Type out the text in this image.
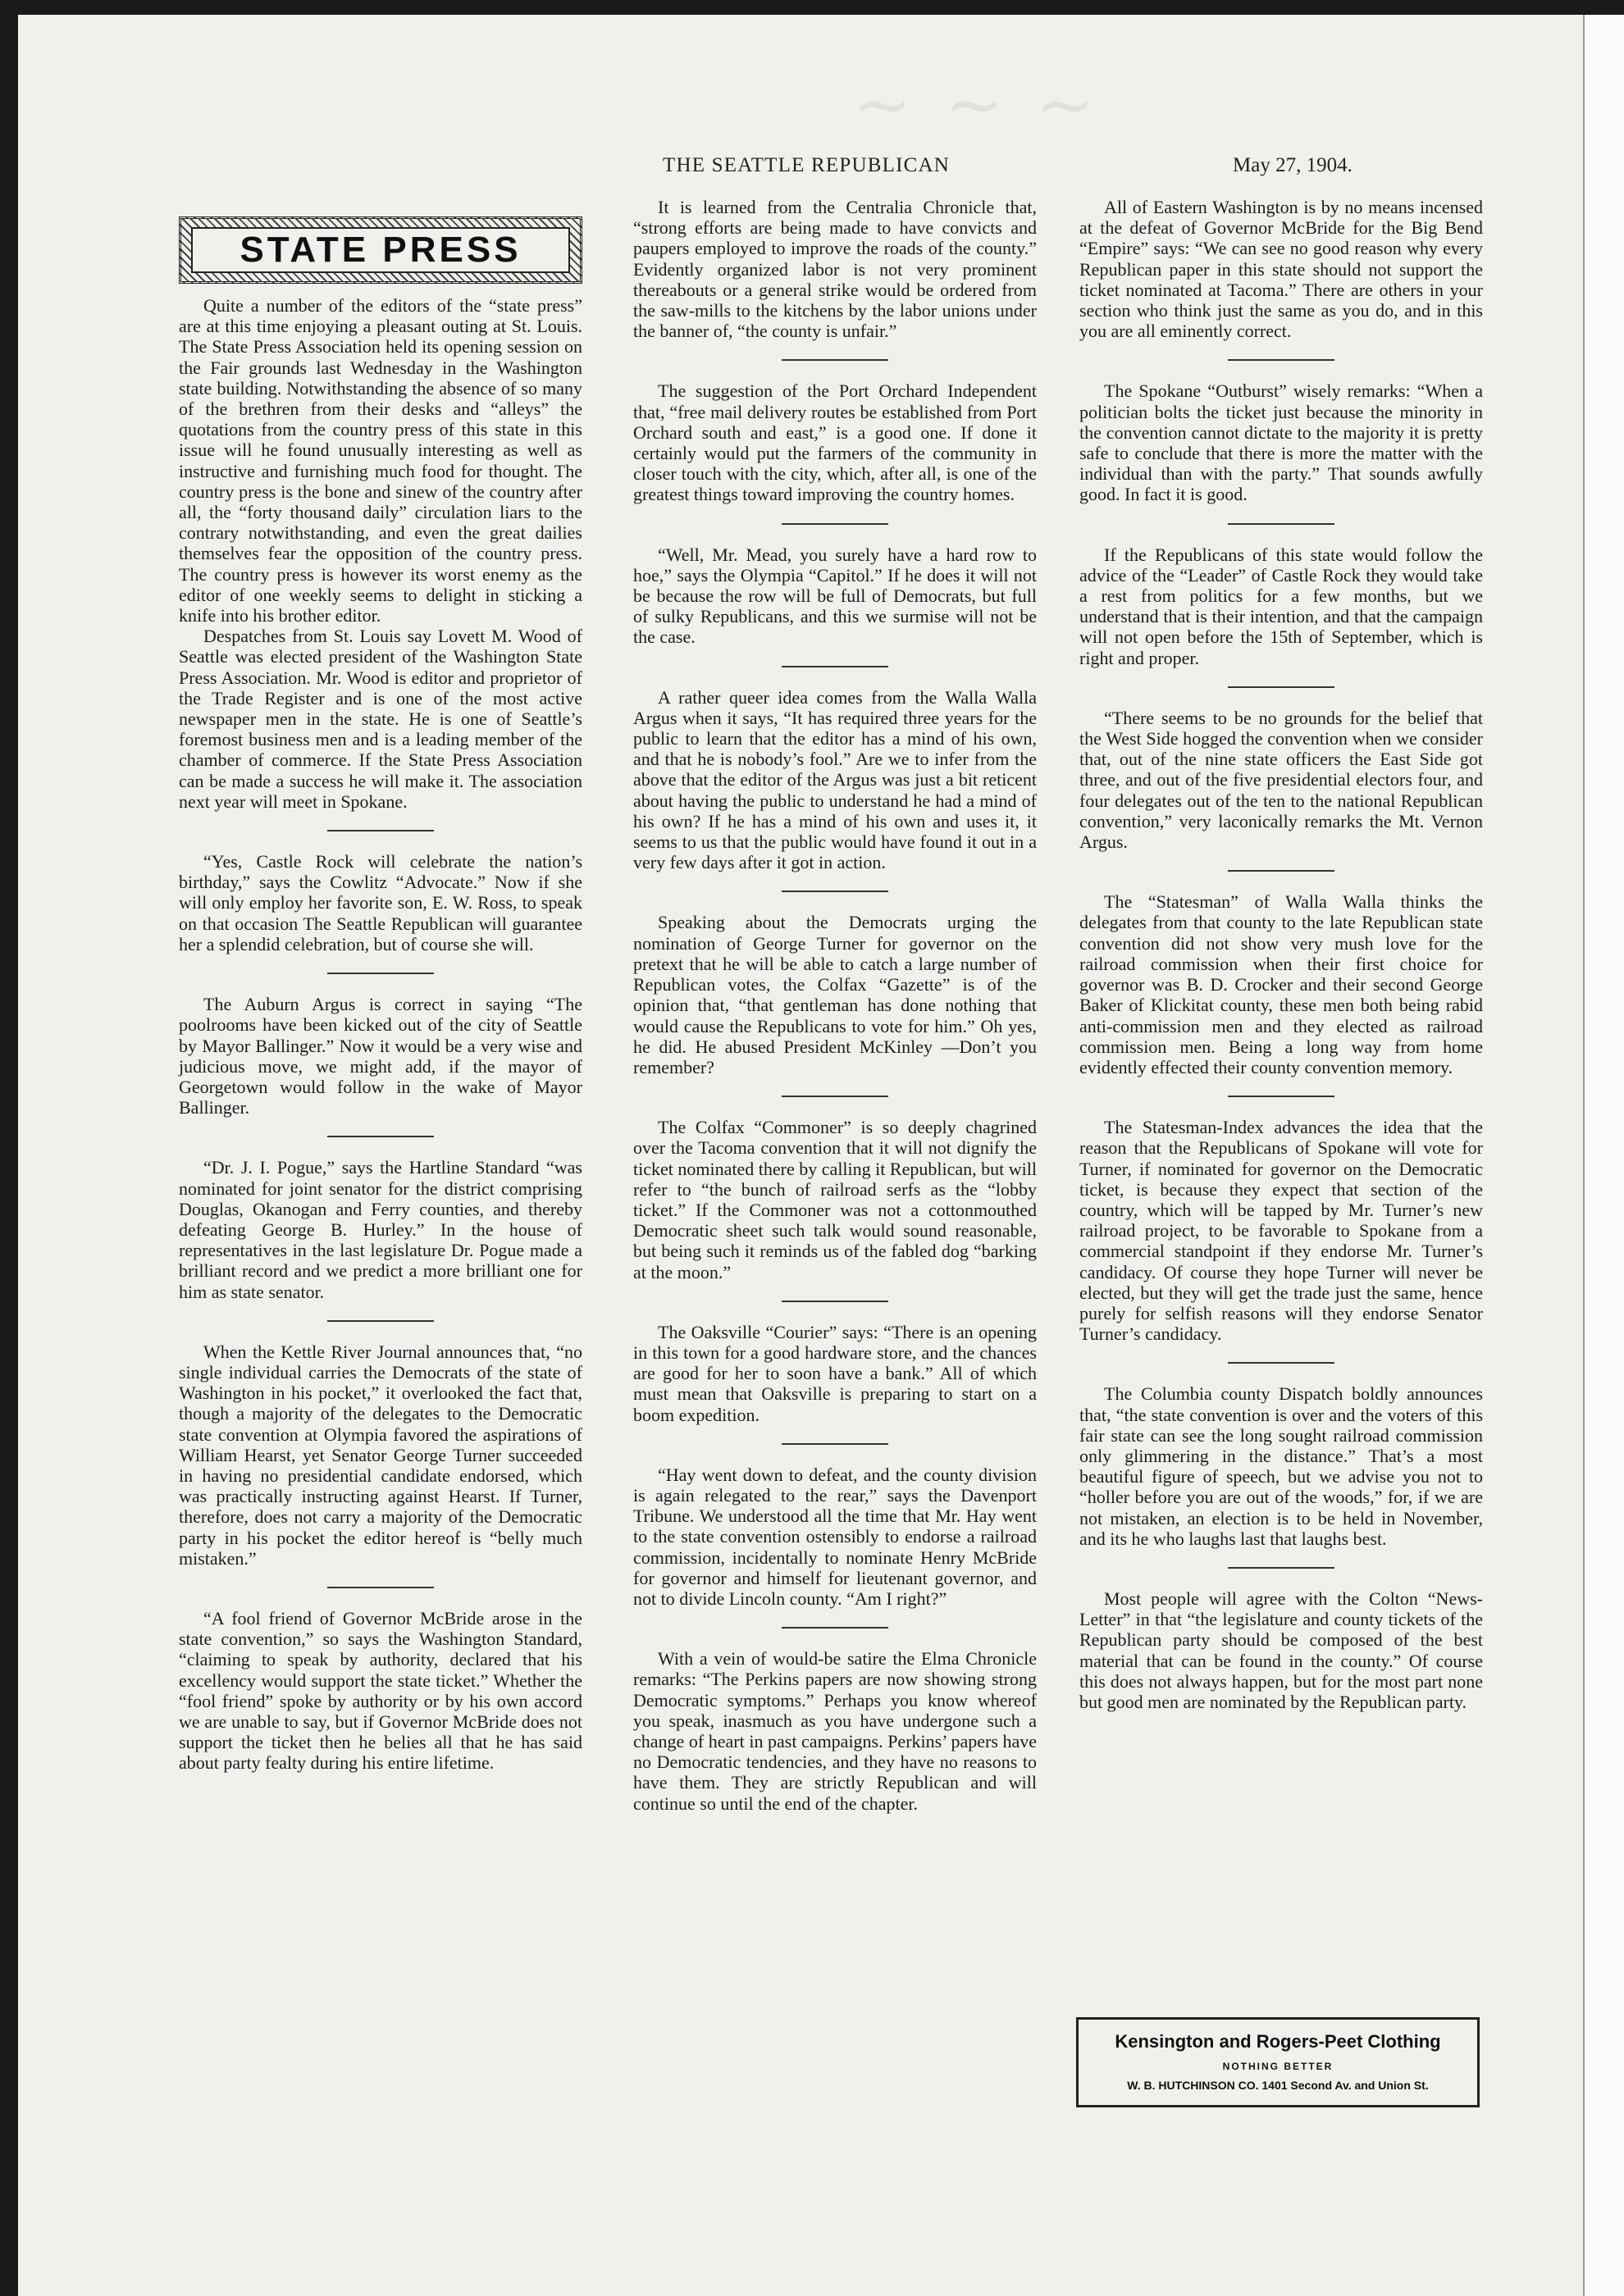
~ ~ ~
THE SEATTLE REPUBLICAN	May 27, 1904.
STATE PRESS

Quite a number of the editors of the “state press” are at this time enjoying a pleasant outing at St. Louis. The State Press Association held its opening session on the Fair grounds last Wednesday in the Washington state building. Notwithstanding the absence of so many of the brethren from their desks and “alleys” the quotations from the country press of this state in this issue will he found unusually interesting as well as instructive and furnishing much food for thought. The country press is the bone and sinew of the country after all, the “forty thousand daily” circulation liars to the contrary notwithstanding, and even the great dailies themselves fear the opposition of the country press. The country press is however its worst enemy as the editor of one weekly seems to delight in sticking a knife into his brother editor.

Despatches from St. Louis say Lovett M. Wood of Seattle was elected president of the Washington State Press Association. Mr. Wood is editor and proprietor of the Trade Register and is one of the most active newspaper men in the state. He is one of Seattle’s foremost business men and is a leading member of the chamber of commerce. If the State Press Association can be made a success he will make it. The association next year will meet in Spokane.

“Yes, Castle Rock will celebrate the nation’s birthday,” says the Cowlitz “Advocate.” Now if she will only employ her favorite son, E. W. Ross, to speak on that occasion The Seattle Republican will guarantee her a splendid celebration, but of course she will.

The Auburn Argus is correct in saying “The poolrooms have been kicked out of the city of Seattle by Mayor Ballinger.” Now it would be a very wise and judicious move, we might add, if the mayor of Georgetown would follow in the wake of Mayor Ballinger.

“Dr. J. I. Pogue,” says the Hartline Standard “was nominated for joint senator for the district comprising Douglas, Okanogan and Ferry counties, and thereby defeating George B. Hurley.” In the house of representatives in the last legislature Dr. Pogue made a brilliant record and we predict a more brilliant one for him as state senator.

When the Kettle River Journal announces that, “no single individual carries the Democrats of the state of Washington in his pocket,” it overlooked the fact that, though a majority of the delegates to the Democratic state convention at Olympia favored the aspirations of William Hearst, yet Senator George Turner succeeded in having no presidential candidate endorsed, which was practically instructing against Hearst. If Turner, therefore, does not carry a majority of the Democratic party in his pocket the editor hereof is “belly much mistaken.”

“A fool friend of Governor McBride arose in the state convention,” so says the Washington Standard, “claiming to speak by authority, declared that his excellency would support the state ticket.” Whether the “fool friend” spoke by authority or by his own accord we are unable to say, but if Governor McBride does not support the ticket then he belies all that he has said about party fealty during his entire lifetime.

It is learned from the Centralia Chronicle that, “strong efforts are being made to have convicts and paupers employed to improve the roads of the county.” Evidently organized labor is not very prominent thereabouts or a general strike would be ordered from the saw-mills to the kitchens by the labor unions under the banner of, “the county is unfair.”

The suggestion of the Port Orchard Independent that, “free mail delivery routes be established from Port Orchard south and east,” is a good one. If done it certainly would put the farmers of the community in closer touch with the city, which, after all, is one of the greatest things toward improving the country homes.

“Well, Mr. Mead, you surely have a hard row to hoe,” says the Olympia “Capitol.” If he does it will not be because the row will be full of Democrats, but full of sulky Republicans, and this we surmise will not be the case.

A rather queer idea comes from the Walla Walla Argus when it says, “It has required three years for the public to learn that the editor has a mind of his own, and that he is nobody’s fool.” Are we to infer from the above that the editor of the Argus was just a bit reticent about having the public to understand he had a mind of his own? If he has a mind of his own and uses it, it seems to us that the public would have found it out in a very few days after it got in action.

Speaking about the Democrats urging the nomination of George Turner for governor on the pretext that he will be able to catch a large number of Republican votes, the Colfax “Gazette” is of the opinion that, “that gentleman has done nothing that would cause the Republicans to vote for him.” Oh yes, he did. He abused President McKinley —Don’t you remember?

The Colfax “Commoner” is so deeply chagrined over the Tacoma convention that it will not dignify the ticket nominated there by calling it Republican, but will refer to “the bunch of railroad serfs as the “lobby ticket.” If the Commoner was not a cottonmouthed Democratic sheet such talk would sound reasonable, but being such it reminds us of the fabled dog “barking at the moon.”

The Oaksville “Courier” says: “There is an opening in this town for a good hardware store, and the chances are good for her to soon have a bank.” All of which must mean that Oaksville is preparing to start on a boom expedition.

“Hay went down to defeat, and the county division is again relegated to the rear,” says the Davenport Tribune. We understood all the time that Mr. Hay went to the state convention ostensibly to endorse a railroad commission, incidentally to nominate Henry McBride for governor and himself for lieutenant governor, and not to divide Lincoln county. “Am I right?”

With a vein of would-be satire the Elma Chronicle remarks: “The Perkins papers are now showing strong Democratic symptoms.” Perhaps you know whereof you speak, inasmuch as you have undergone such a change of heart in past campaigns. Perkins’ papers have no Democratic tendencies, and they have no reasons to have them. They are strictly Republican and will continue so until the end of the chapter.

All of Eastern Washington is by no means incensed at the defeat of Governor McBride for the Big Bend “Empire” says: “We can see no good reason why every Republican paper in this state should not support the ticket nominated at Tacoma.” There are others in your section who think just the same as you do, and in this you are all eminently correct.

The Spokane “Outburst” wisely remarks: “When a politician bolts the ticket just because the minority in the convention cannot dictate to the majority it is pretty safe to conclude that there is more the matter with the individual than with the party.” That sounds awfully good. In fact it is good.

If the Republicans of this state would follow the advice of the “Leader” of Castle Rock they would take a rest from politics for a few months, but we understand that is their intention, and that the campaign will not open before the 15th of September, which is right and proper.

“There seems to be no grounds for the belief that the West Side hogged the convention when we consider that, out of the nine state officers the East Side got three, and out of the five presidential electors four, and four delegates out of the ten to the national Republican convention,” very laconically remarks the Mt. Vernon Argus.

The “Statesman” of Walla Walla thinks the delegates from that county to the late Republican state convention did not show very mush love for the railroad commission when their first choice for governor was B. D. Crocker and their second George Baker of Klickitat county, these men both being rabid anti-commission men and they elected as railroad commission men. Being a long way from home evidently effected their county convention memory.

The Statesman-Index advances the idea that the reason that the Republicans of Spokane will vote for Turner, if nominated for governor on the Democratic ticket, is because they expect that section of the country, which will be tapped by Mr. Turner’s new railroad project, to be favorable to Spokane from a commercial standpoint if they endorse Mr. Turner’s candidacy. Of course they hope Turner will never be elected, but they will get the trade just the same, hence purely for selfish reasons will they endorse Senator Turner’s candidacy.

The Columbia county Dispatch boldly announces that, “the state convention is over and the voters of this fair state can see the long sought railroad commission only glimmering in the distance.” That’s a most beautiful figure of speech, but we advise you not to “holler before you are out of the woods,” for, if we are not mistaken, an election is to be held in November, and its he who laughs last that laughs best.

Most people will agree with the Colton “News-Letter” in that “the legislature and county tickets of the Republican party should be composed of the best material that can be found in the county.” Of course this does not always happen, but for the most part none but good men are nominated by the Republican party.

Kensington and Rogers-Peet Clothing
NOTHING BETTER
W. B. HUTCHINSON CO. 1401 Second Av. and Union St.
